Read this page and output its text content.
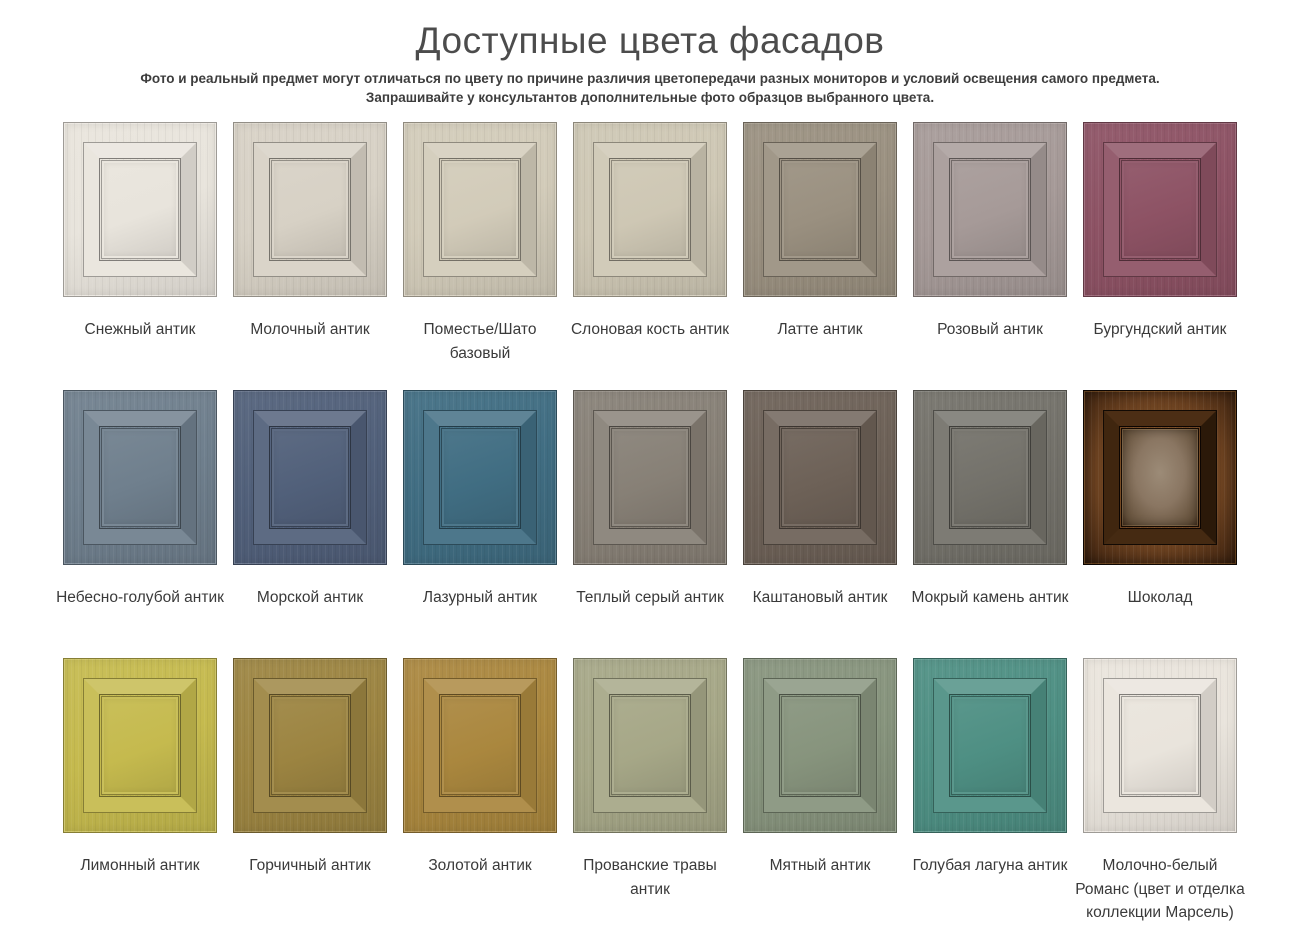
Доступные цвета фасадов
Фото и реальный предмет могут отличаться по цвету по причине различия цветопередачи разных мониторов и условий освещения самого предмета.
Запрашивайте у консультантов дополнительные фото образцов выбранного цвета.
Снежный антик	Молочный антик	Поместье/Шато базовый
Слоновая кость антик	Латте антик	Розовый антик	Бургундский антик
Небесно-голубой антик Морской антик	Лазурный антик	Теплый серый антик Каштановый антик Мокрый камень антик	Шоколад
Лимонный антик	Горчичный антик	Золотой антик	Прованские травы антик
Мятный антик	Голубая лагуна антик	Молочно-белый Романс (цвет и отделка коллекции Марсель)
